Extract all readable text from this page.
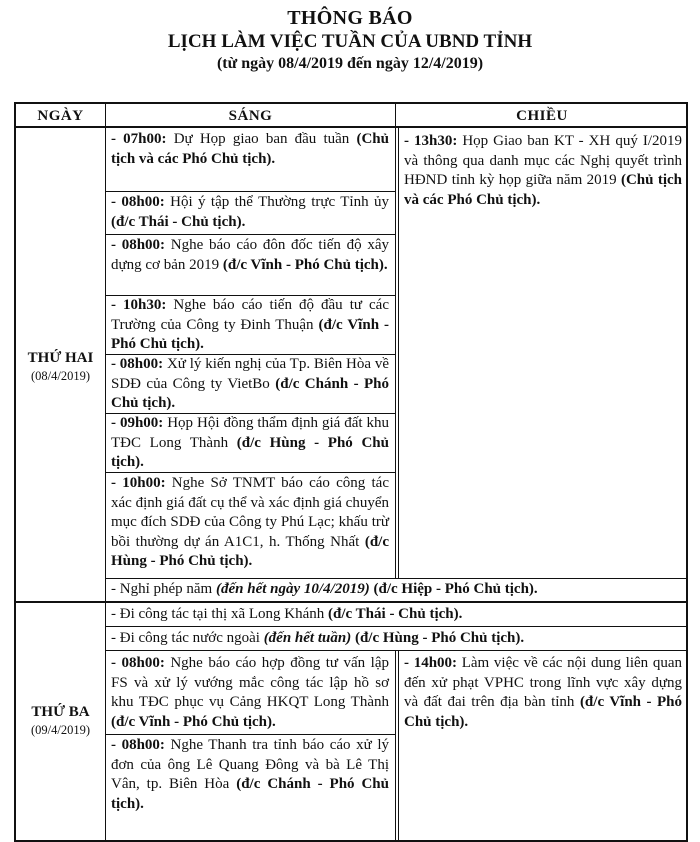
THÔNG BÁO
LỊCH LÀM VIỆC TUẦN CỦA UBND TỈNH
(từ ngày 08/4/2019 đến ngày 12/4/2019)
NGÀY	SÁNG	CHIỀU
THỨ HAI
(08/4/2019)
- 07h00: Dự Họp giao ban đầu tuần (Chủ tịch và các Phó Chủ tịch).
- 08h00: Hội ý tập thể Thường trực Tỉnh ủy (đ/c Thái - Chủ tịch).
- 08h00: Nghe báo cáo đôn đốc tiến độ xây dựng cơ bản 2019 (đ/c Vĩnh - Phó Chủ tịch).
- 10h30: Nghe báo cáo tiến độ đầu tư các Trường của Công ty Đinh Thuận (đ/c Vĩnh - Phó Chủ tịch).
- 08h00: Xử lý kiến nghị của Tp. Biên Hòa về SDĐ của Công ty VietBo (đ/c Chánh - Phó Chủ tịch).
- 09h00: Họp Hội đồng thẩm định giá đất khu TĐC Long Thành (đ/c Hùng - Phó Chủ tịch).
- 10h00: Nghe Sở TNMT báo cáo công tác xác định giá đất cụ thể và xác định giá chuyển mục đích SDĐ của Công ty Phú Lạc; khấu trừ bồi thường dự án A1C1, h. Thống Nhất (đ/c Hùng - Phó Chủ tịch).
- 13h30: Họp Giao ban KT - XH quý I/2019 và thông qua danh mục các Nghị quyết trình HĐND tỉnh kỳ họp giữa năm 2019 (Chủ tịch và các Phó Chủ tịch).
- Nghỉ phép năm (đến hết ngày 10/4/2019) (đ/c Hiệp - Phó Chủ tịch).
THỨ BA
(09/4/2019)
- Đi công tác tại thị xã Long Khánh (đ/c Thái - Chủ tịch).
- Đi công tác nước ngoài (đến hết tuần) (đ/c Hùng - Phó Chủ tịch).
- 08h00: Nghe báo cáo hợp đồng tư vấn lập FS và xử lý vướng mắc công tác lập hồ sơ khu TĐC phục vụ Cảng HKQT Long Thành (đ/c Vĩnh - Phó Chủ tịch).
- 08h00: Nghe Thanh tra tỉnh báo cáo xử lý đơn của ông Lê Quang Đông và bà Lê Thị Vân, tp. Biên Hòa (đ/c Chánh - Phó Chủ tịch).
- 14h00: Làm việc về các nội dung liên quan đến xử phạt VPHC trong lĩnh vực xây dựng và đất đai trên địa bàn tỉnh (đ/c Vĩnh - Phó Chủ tịch).
